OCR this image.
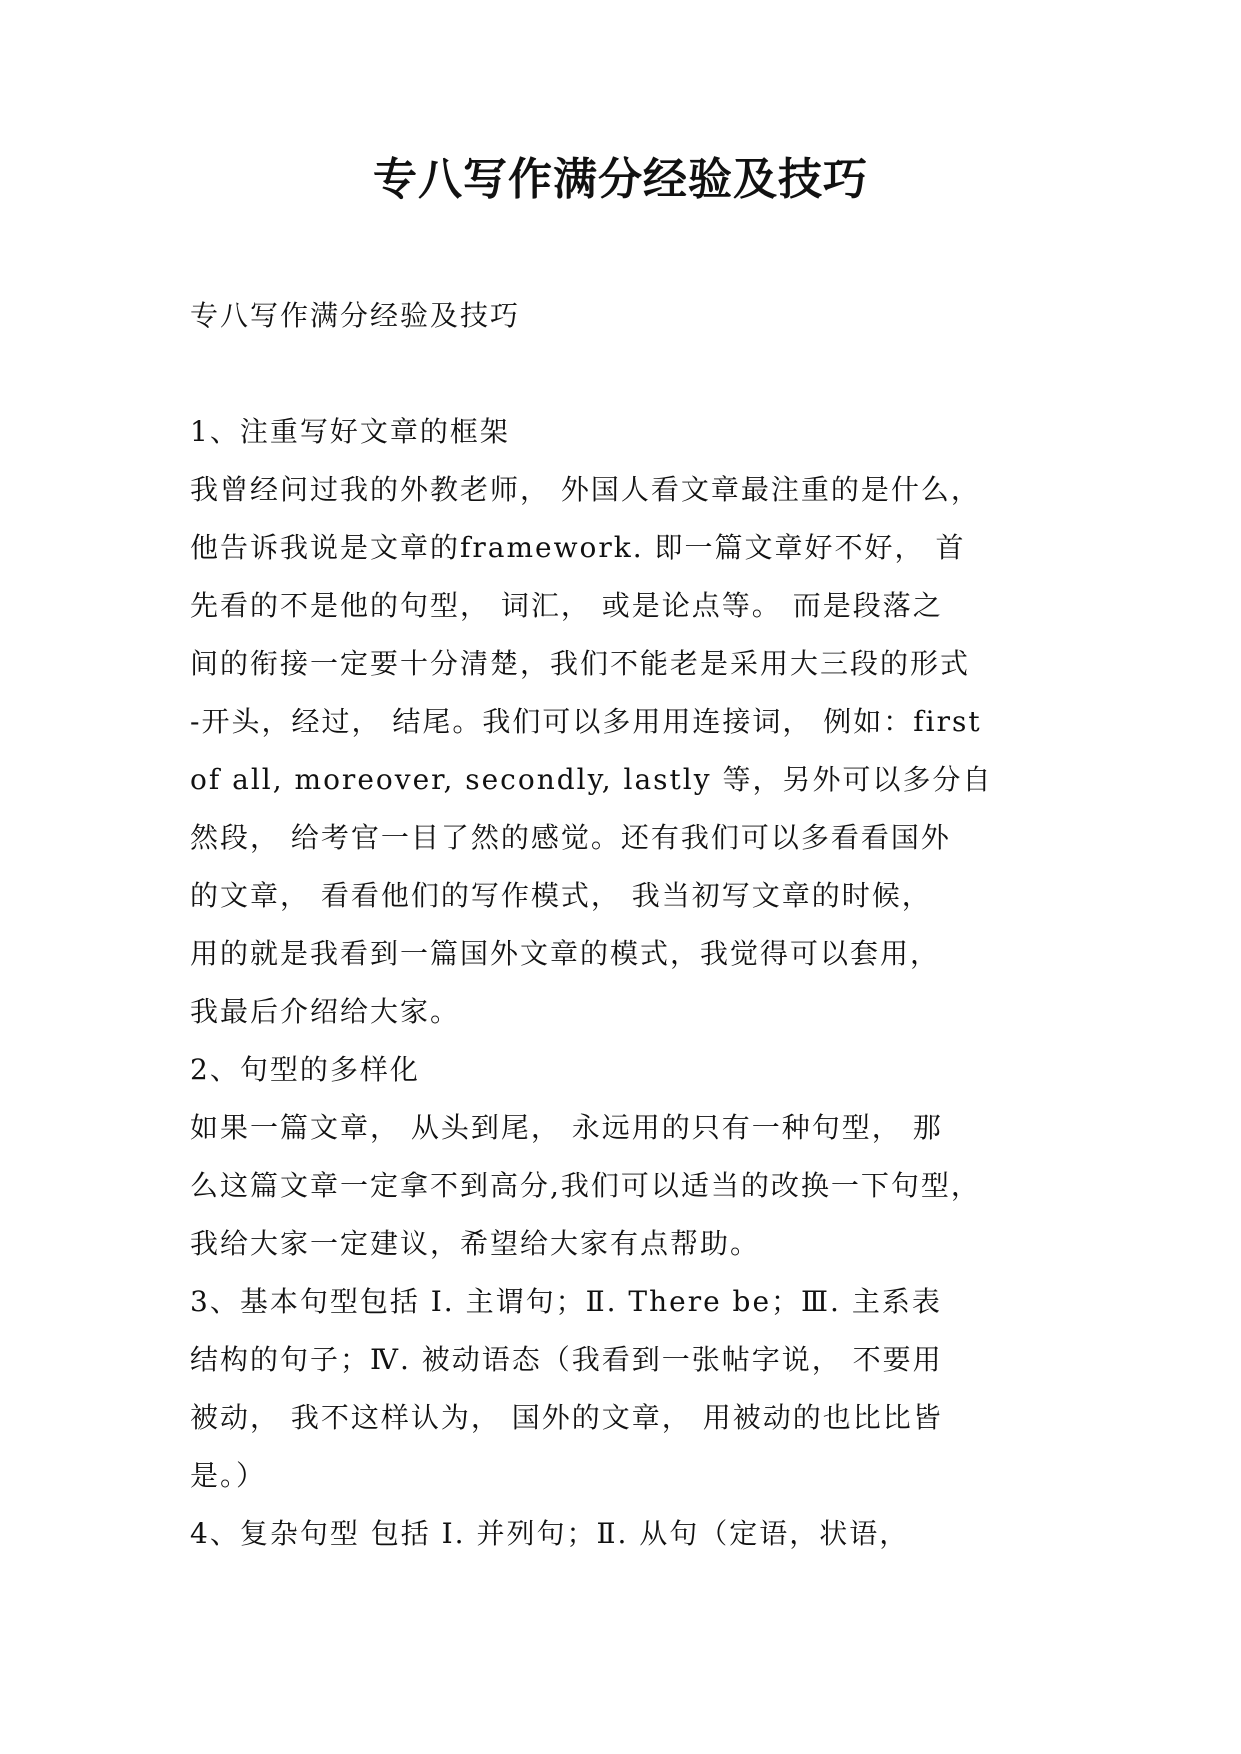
专八写作满分经验及技巧
专八写作满分经验及技巧
1、注重写好文章的框架
我曾经问过我的外教老师， 外国人看文章最注重的是什么，
他告诉我说是文章的framework. 即一篇文章好不好， 首
先看的不是他的句型， 词汇， 或是论点等。 而是段落之
间的衔接一定要十分清楚，我们不能老是采用大三段的形式
-开头，经过， 结尾。我们可以多用用连接词， 例如：first
of all, moreover, secondly, lastly 等，另外可以多分自
然段， 给考官一目了然的感觉。还有我们可以多看看国外
的文章， 看看他们的写作模式， 我当初写文章的时候，
用的就是我看到一篇国外文章的模式，我觉得可以套用，
我最后介绍给大家。
2、句型的多样化
如果一篇文章， 从头到尾， 永远用的只有一种句型， 那
么这篇文章一定拿不到高分,我们可以适当的改换一下句型，
我给大家一定建议，希望给大家有点帮助。
3、基本句型包括 Ⅰ. 主谓句；Ⅱ. There be；Ⅲ. 主系表
结构的句子；Ⅳ. 被动语态（我看到一张帖字说， 不要用
被动， 我不这样认为， 国外的文章， 用被动的也比比皆
是。）
4、复杂句型 包括 Ⅰ. 并列句；Ⅱ. 从句（定语，状语，
